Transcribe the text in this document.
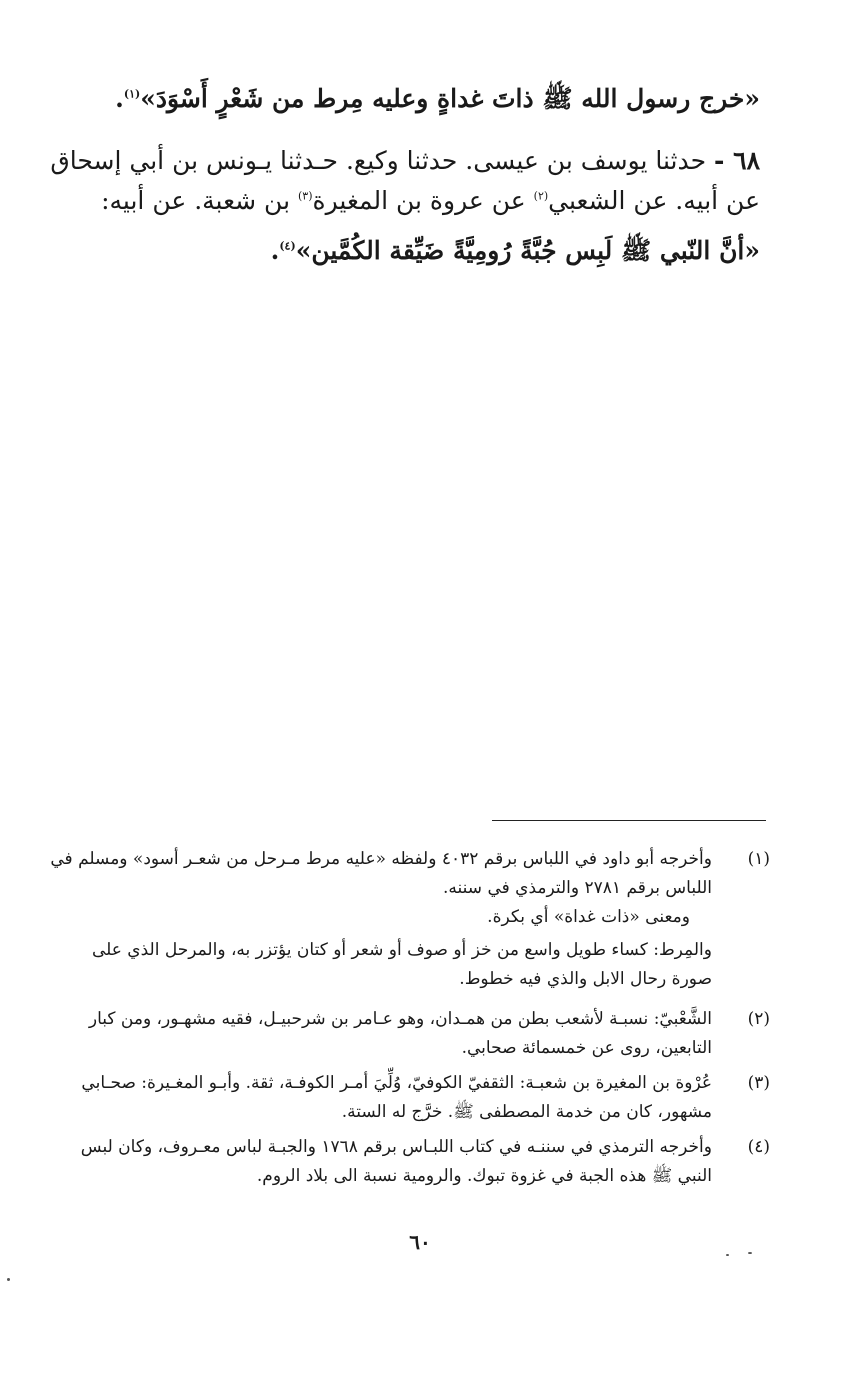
«خرج رسول الله ﷺ ذاتَ غداةٍ وعليه مِرط من شَعْرٍ أَسْوَدَ»$^{(١)}$.
٦٨ - حدثنا يوسف بن عيسى. حدثنا وكيع. حـدثنا يـونس بن أبي إسحاق
عن أبيه. عن الشعبي$^{(٢)}$ عن عروة بن المغيرة$^{(٣)}$ بن شعبة. عن أبيه:
«أنَّ النّبي ﷺ لَبِس جُبَّةً رُومِيَّةً ضَيِّقة الكُمَّين»$^{(٤)}$.
(١)
وأخرجه أبو داود في اللباس برقم ٤٠٣٢ ولفظه «عليه مرط مـرحل من شعـر أسود» ومسلم في
اللباس برقم ٢٧٨١ والترمذي في سننه.
ومعنى «ذات غداة» أي بكرة.
والمِرط: كساء طويل واسع من خز أو صوف أو شعر أو كتان يؤتزر به، والمرحل الذي على
صورة رحال الابل والذي فيه خطوط.
(٢)
الشَّعْبيّ: نسبـة لأشعب بطن من همـدان، وهو عـامر بن شرحبيـل، فقيه مشهـور، ومن كبار
التابعين، روى عن خمسمائة صحابي.
(٣)
عُرْوة بن المغيرة بن شعبـة: الثقفيّ الكوفيّ، وُلِّيَ أمـر الكوفـة، ثقة. وأبـو المغـيرة: صحـابي
مشهور، كان من خدمة المصطفى ﷺ. خرَّج له الستة.
(٤)
وأخرجه الترمذي في سننـه في كتاب اللبـاس برقم ١٧٦٨ والجبـة لباس معـروف، وكان لبس
النبي ﷺ هذه الجبة في غزوة تبوك. والرومية نسبة الى بلاد الروم.
٦٠
